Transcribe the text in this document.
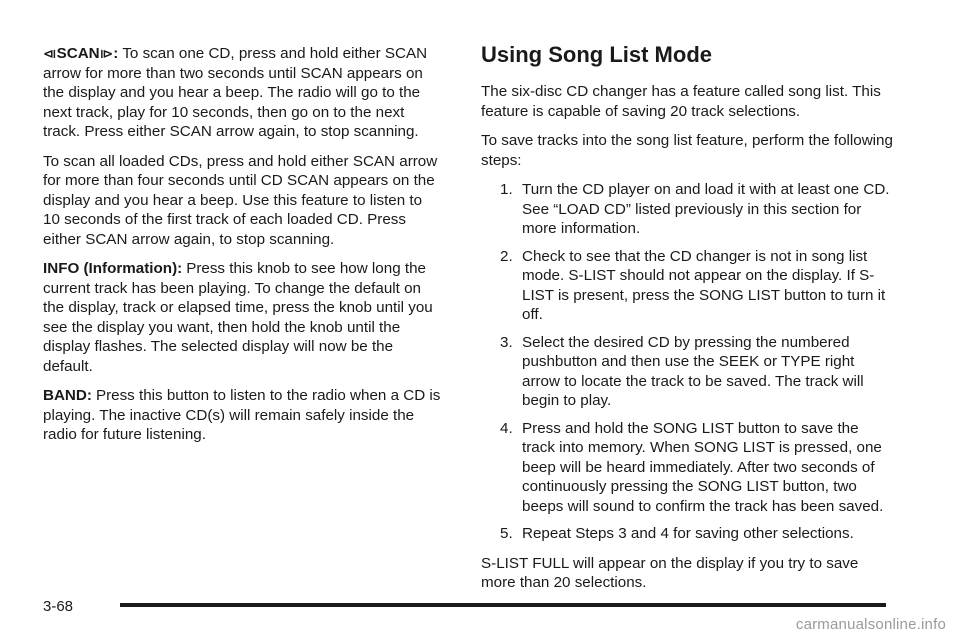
⧏SCAN⧐: To scan one CD, press and hold either SCAN arrow for more than two seconds until SCAN appears on the display and you hear a beep. The radio will go to the next track, play for 10 seconds, then go on to the next track. Press either SCAN arrow again, to stop scanning.

To scan all loaded CDs, press and hold either SCAN arrow for more than four seconds until CD SCAN appears on the display and you hear a beep. Use this feature to listen to 10 seconds of the first track of each loaded CD. Press either SCAN arrow again, to stop scanning.

INFO (Information): Press this knob to see how long the current track has been playing. To change the default on the display, track or elapsed time, press the knob until you see the display you want, then hold the knob until the display flashes. The selected display will now be the default.

BAND: Press this button to listen to the radio when a CD is playing. The inactive CD(s) will remain safely inside the radio for future listening.

Using Song List Mode

The six-disc CD changer has a feature called song list. This feature is capable of saving 20 track selections.

To save tracks into the song list feature, perform the following steps:

1. Turn the CD player on and load it with at least one CD. See “LOAD CD” listed previously in this section for more information.
2. Check to see that the CD changer is not in song list mode. S-LIST should not appear on the display. If S-LIST is present, press the SONG LIST button to turn it off.
3. Select the desired CD by pressing the numbered pushbutton and then use the SEEK or TYPE right arrow to locate the track to be saved. The track will begin to play.
4. Press and hold the SONG LIST button to save the track into memory. When SONG LIST is pressed, one beep will be heard immediately. After two seconds of continuously pressing the SONG LIST button, two beeps will sound to confirm the track has been saved.
5. Repeat Steps 3 and 4 for saving other selections.

S-LIST FULL will appear on the display if you try to save more than 20 selections.

3-68
carmanualsonline.info
